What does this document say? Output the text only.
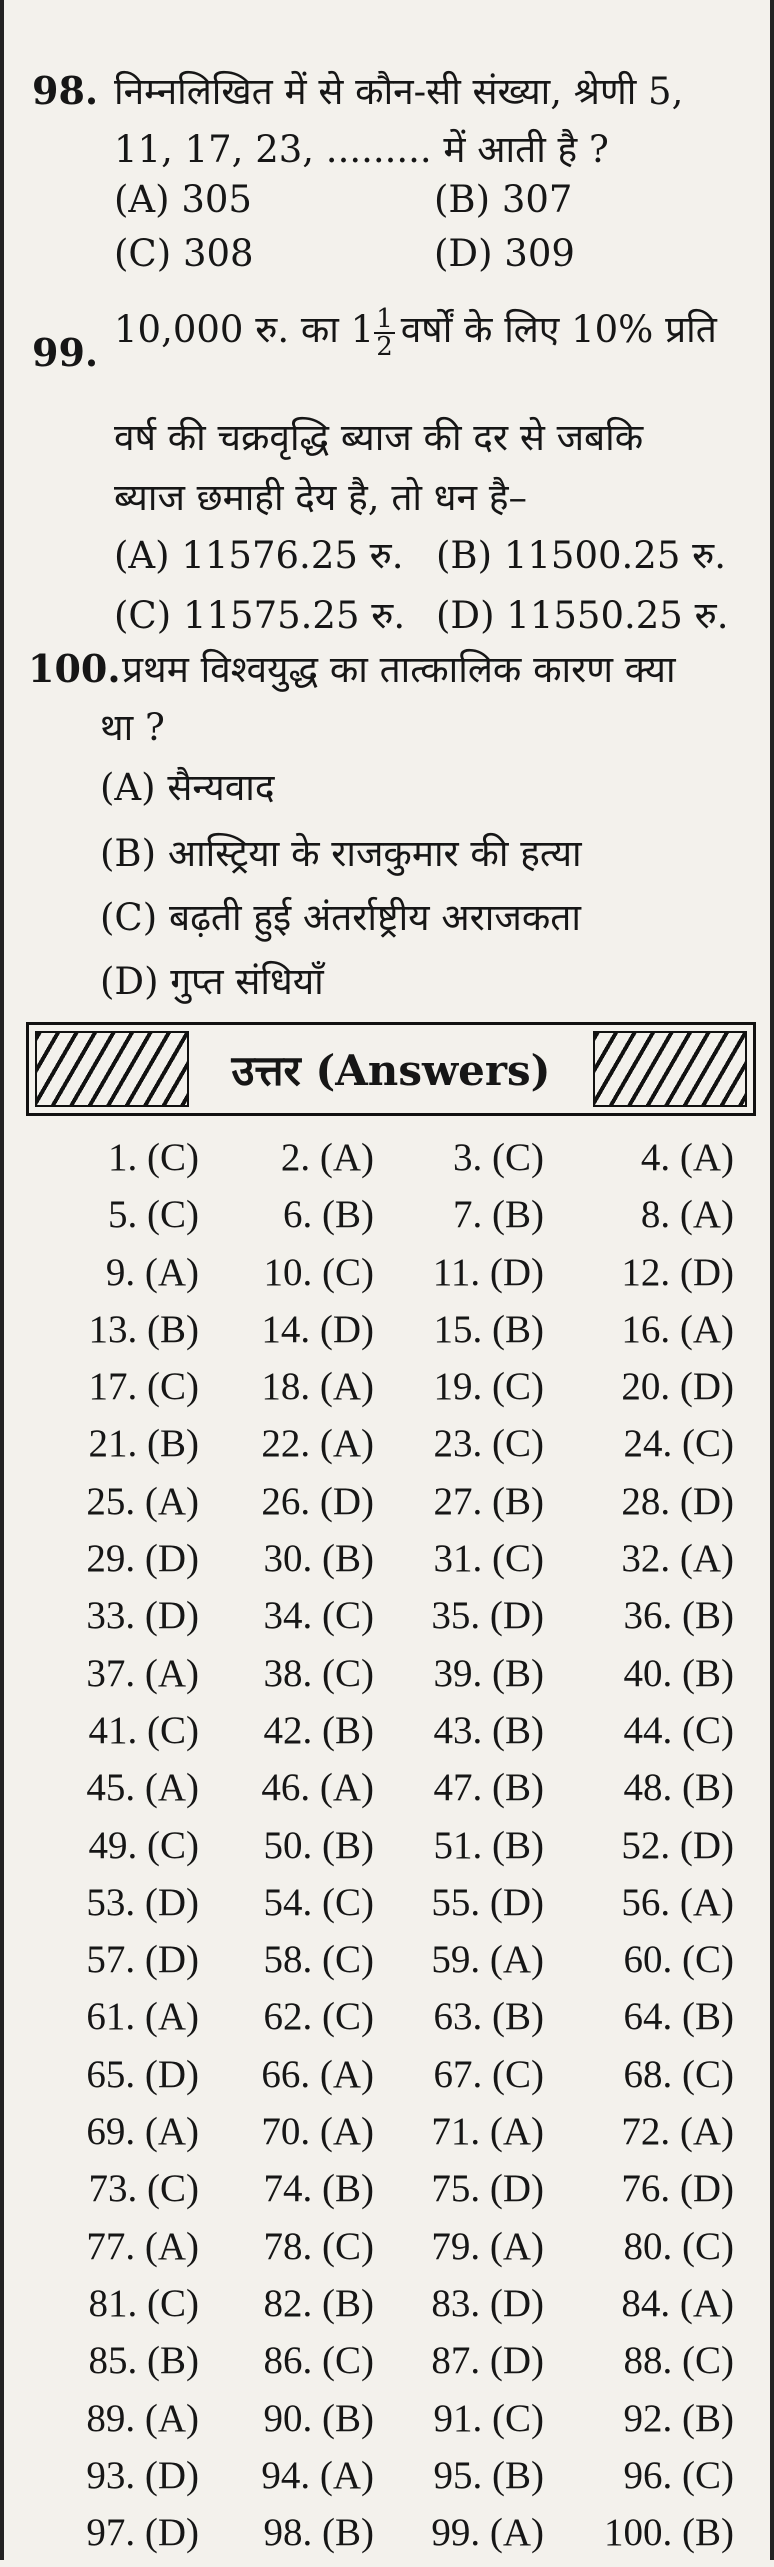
98. निम्नलिखित में से कौन-सी संख्या, श्रेणी 5,
11, 17, 23, ......... में आती है ?
(A) 305	(B) 307
(C) 308	(D) 309
99.
10,000 रु. का $1 \frac{1}{2}$ वर्षों के लिए 10% प्रति
वर्ष की चक्रवृद्धि ब्याज की दर से जबकि
ब्याज छमाही देय है, तो धन है–
(A) 11576.25 रु. (B) 11500.25 रु.
(C) 11575.25 रु. (D) 11550.25 रु.
100. प्रथम विश्वयुद्ध का तात्कालिक कारण क्या
था ?
(A) सैन्यवाद
(B) आस्ट्रिया के राजकुमार की हत्या
(C) बढ़ती हुई अंतर्राष्ट्रीय अराजकता
(D) गुप्त संधियाँ
उत्तर (Answers)
1. (C)	2. (A)	3. (C)	4. (A)
5. (C)	6. (B)	7. (B)	8. (A)
9. (A)	10. (C)	11. (D)	12. (D)
13. (B)	14. (D)	15. (B)	16. (A)
17. (C)	18. (A)	19. (C)	20. (D)
21. (B)	22. (A)	23. (C)	24. (C)
25. (A)	26. (D)	27. (B)	28. (D)
29. (D)	30. (B)	31. (C)	32. (A)
33. (D)	34. (C)	35. (D)	36. (B)
37. (A)	38. (C)	39. (B)	40. (B)
41. (C)	42. (B)	43. (B)	44. (C)
45. (A)	46. (A)	47. (B)	48. (B)
49. (C)	50. (B)	51. (B)	52. (D)
53. (D)	54. (C)	55. (D)	56. (A)
57. (D)	58. (C)	59. (A)	60. (C)
61. (A)	62. (C)	63. (B)	64. (B)
65. (D)	66. (A)	67. (C)	68. (C)
69. (A)	70. (A)	71. (A)	72. (A)
73. (C)	74. (B)	75. (D)	76. (D)
77. (A)	78. (C)	79. (A)	80. (C)
81. (C)	82. (B)	83. (D)	84. (A)
85. (B)	86. (C)	87. (D)	88. (C)
89. (A)	90. (B)	91. (C)	92. (B)
93. (D)	94. (A)	95. (B)	96. (C)
97. (D)	98. (B)	99. (A)	100. (B)
